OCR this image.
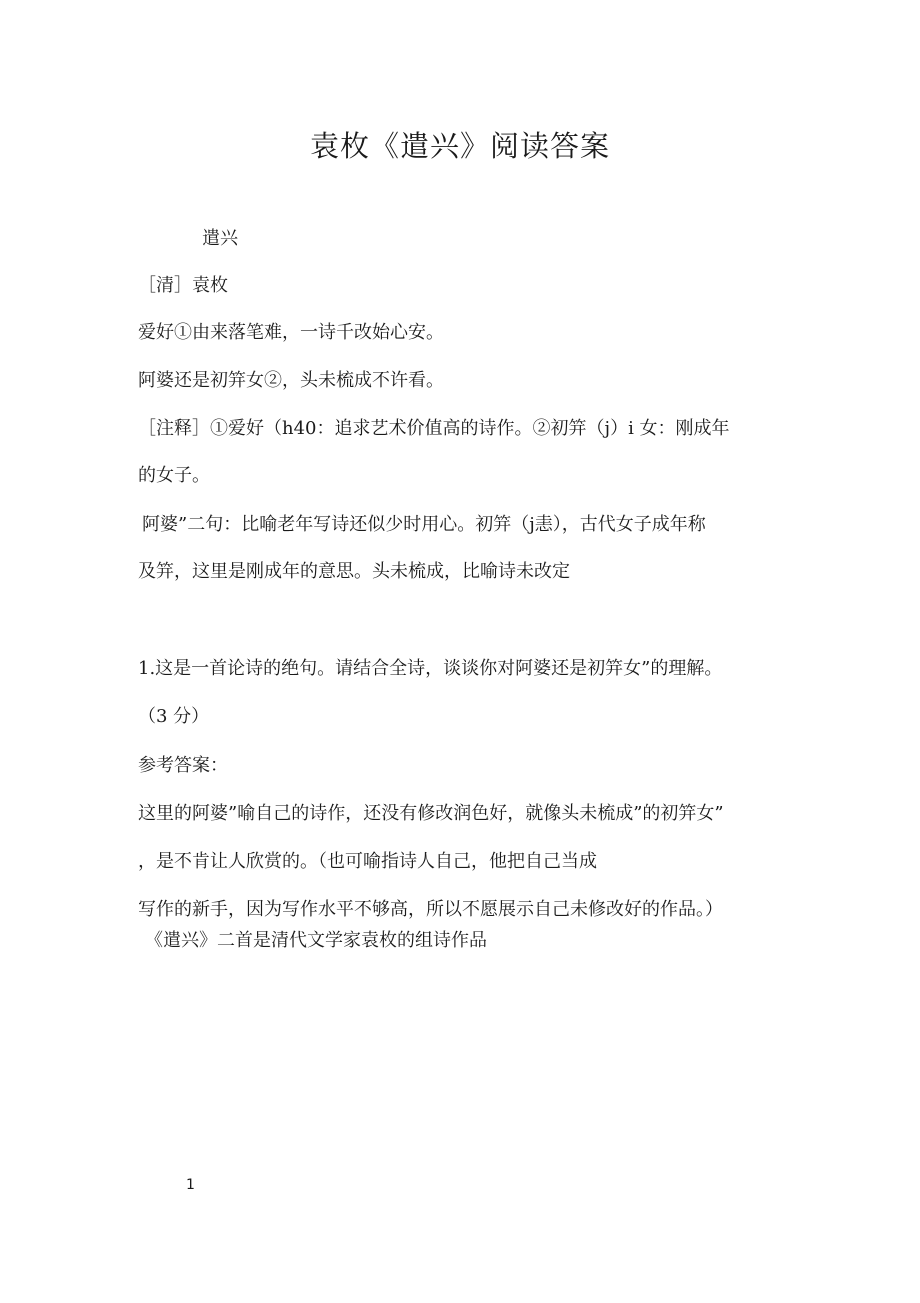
袁枚《遣兴》阅读答案
遣兴
［清］袁枚
爱好①由来落笔难，一诗千改始心安。
阿婆还是初笄女②，头未梳成不许看。
［注释］①爱好（h40：追求艺术价值高的诗作。②初笄（j）i 女：刚成年
的女子。
阿婆”二句：比喻老年写诗还似少时用心。初笄（j恚），古代女子成年称
及笄，这里是刚成年的意思。头未梳成，比喻诗未改定
1.这是一首论诗的绝句。请结合全诗，谈谈你对阿婆还是初笄女”的理解。
（3 分）
参考答案：
这里的阿婆”喻自己的诗作，还没有修改润色好，就像头未梳成”的初笄女”
，是不肯让人欣赏的。（也可喻指诗人自己，他把自己当成
写作的新手，因为写作水平不够高，所以不愿展示自己未修改好的作品。）
《遣兴》二首是清代文学家袁枚的组诗作品
1
